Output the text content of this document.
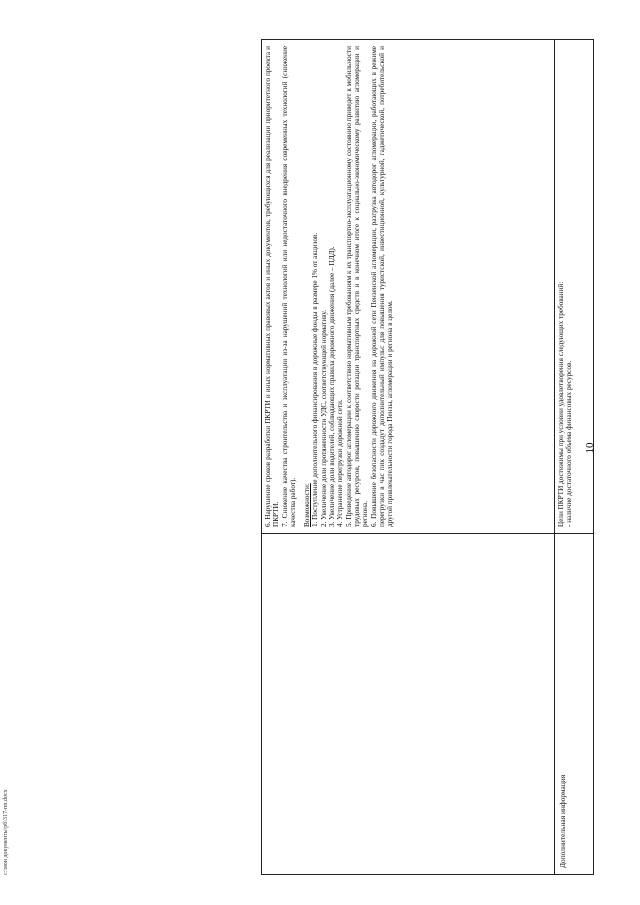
10

6. Нарушение сроков разработки ПКРТИ и иных нормативных правовых актов и иных документов, требующихся для реализации приоритетного проекта и ПКРТИ. 7. Снижение качества строительства и эксплуатации из-за нарушений технологий или недостаточного внедрения современных технологий (снижение качества работ). Возможности: 1. Поступление дополнительного финансирования в дорожные фонды в размере 1% от акцизов. 2. Увеличение доли протяженности УДС, соответствующей нормативу. 3. Увеличение доли водителей, соблюдающих правила дорожного движения (далее – ПДД). 4. Устранение перегрузки дорожной сети. 5. Приведение автодорог агломерации к соответствию нормативным требованиям к их транспортно-эксплуатационному состоянию приведет к мобильности трудовых ресурсов, повышению скорости ротации транспортных средств и в конечном итоге к социально-экономическому развитию агломерации и региона. 6. Повышение безопасности дорожного движения на дорожной сети Пензенской агломерации, разгрузка автодорог агломерации, работающих в режиме перегрузки в час пик создадут дополнительный импульс для повышения туристской, инвестиционной, культурной, гаджетической, потребительской и другой привлекательности города Пензы, агломерации и региона в целом.

Дополнительная информация

Цели ПКРТИ достижимы при условии удовлетворения следующих требований: - наличие достаточного объема финансовых ресурсов.

c:\мои документы\рб\317-пп.docx
